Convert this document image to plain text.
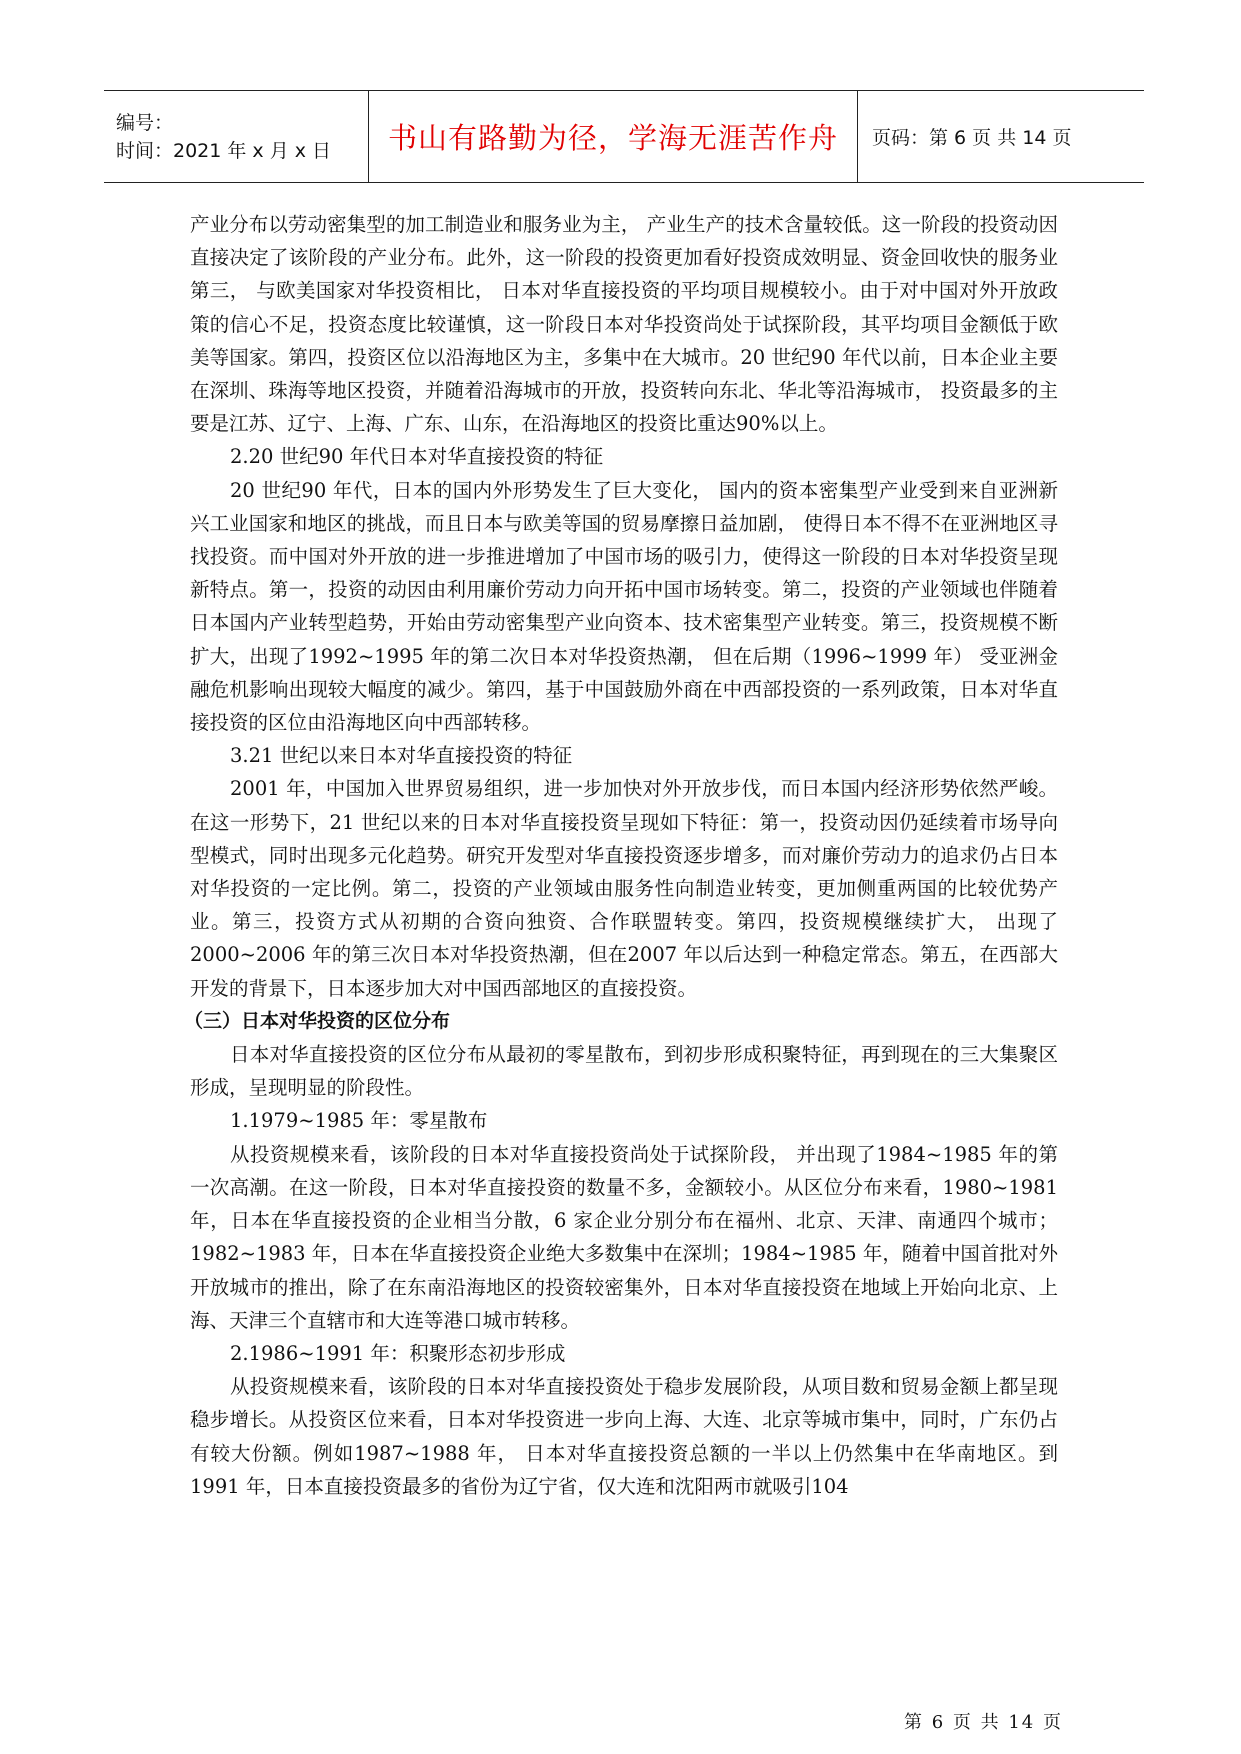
编号：
时间：2021 年 x 月 x 日	书山有路勤为径，学海无涯苦作舟 页码：第 6 页 共 14 页

产业分布以劳动密集型的加工制造业和服务业为主， 产业生产的技术含量较低。这一阶段的投资动因直接决定了该阶段的产业分布。此外，这一阶段的投资更加看好投资成效明显、资金回收快的服务业第三， 与欧美国家对华投资相比， 日本对华直接投资的平均项目规模较小。由于对中国对外开放政策的信心不足，投资态度比较谨慎，这一阶段日本对华投资尚处于试探阶段，其平均项目金额低于欧美等国家。第四，投资区位以沿海地区为主，多集中在大城市。20 世纪90 年代以前，日本企业主要在深圳、珠海等地区投资，并随着沿海城市的开放，投资转向东北、华北等沿海城市， 投资最多的主要是江苏、辽宁、上海、广东、山东，在沿海地区的投资比重达90%以上。

2.20 世纪90 年代日本对华直接投资的特征

20 世纪90 年代，日本的国内外形势发生了巨大变化， 国内的资本密集型产业受到来自亚洲新兴工业国家和地区的挑战，而且日本与欧美等国的贸易摩擦日益加剧， 使得日本不得不在亚洲地区寻找投资。而中国对外开放的进一步推进增加了中国市场的吸引力，使得这一阶段的日本对华投资呈现新特点。第一，投资的动因由利用廉价劳动力向开拓中国市场转变。第二，投资的产业领域也伴随着日本国内产业转型趋势，开始由劳动密集型产业向资本、技术密集型产业转变。第三，投资规模不断扩大，出现了1992~1995 年的第二次日本对华投资热潮， 但在后期（1996~1999 年） 受亚洲金融危机影响出现较大幅度的减少。第四，基于中国鼓励外商在中西部投资的一系列政策，日本对华直接投资的区位由沿海地区向中西部转移。

3.21 世纪以来日本对华直接投资的特征

2001 年，中国加入世界贸易组织，进一步加快对外开放步伐，而日本国内经济形势依然严峻。在这一形势下，21 世纪以来的日本对华直接投资呈现如下特征：第一，投资动因仍延续着市场导向型模式，同时出现多元化趋势。研究开发型对华直接投资逐步增多，而对廉价劳动力的追求仍占日本对华投资的一定比例。第二，投资的产业领域由服务性向制造业转变，更加侧重两国的比较优势产业。第三，投资方式从初期的合资向独资、合作联盟转变。第四，投资规模继续扩大， 出现了2000~2006 年的第三次日本对华投资热潮，但在2007 年以后达到一种稳定常态。第五，在西部大开发的背景下，日本逐步加大对中国西部地区的直接投资。

（三）日本对华投资的区位分布

日本对华直接投资的区位分布从最初的零星散布，到初步形成积聚特征，再到现在的三大集聚区形成，呈现明显的阶段性。

1.1979~1985 年：零星散布

从投资规模来看，该阶段的日本对华直接投资尚处于试探阶段， 并出现了1984~1985 年的第一次高潮。在这一阶段，日本对华直接投资的数量不多，金额较小。从区位分布来看，1980~1981 年，日本在华直接投资的企业相当分散，6 家企业分别分布在福州、北京、天津、南通四个城市；1982~1983 年，日本在华直接投资企业绝大多数集中在深圳；1984~1985 年，随着中国首批对外开放城市的推出，除了在东南沿海地区的投资较密集外，日本对华直接投资在地域上开始向北京、上海、天津三个直辖市和大连等港口城市转移。

2.1986~1991 年：积聚形态初步形成

从投资规模来看，该阶段的日本对华直接投资处于稳步发展阶段，从项目数和贸易金额上都呈现稳步增长。从投资区位来看，日本对华投资进一步向上海、大连、北京等城市集中，同时，广东仍占有较大份额。例如1987~1988 年， 日本对华直接投资总额的一半以上仍然集中在华南地区。到1991 年，日本直接投资最多的省份为辽宁省，仅大连和沈阳两市就吸引104

第 6 页 共 14 页
